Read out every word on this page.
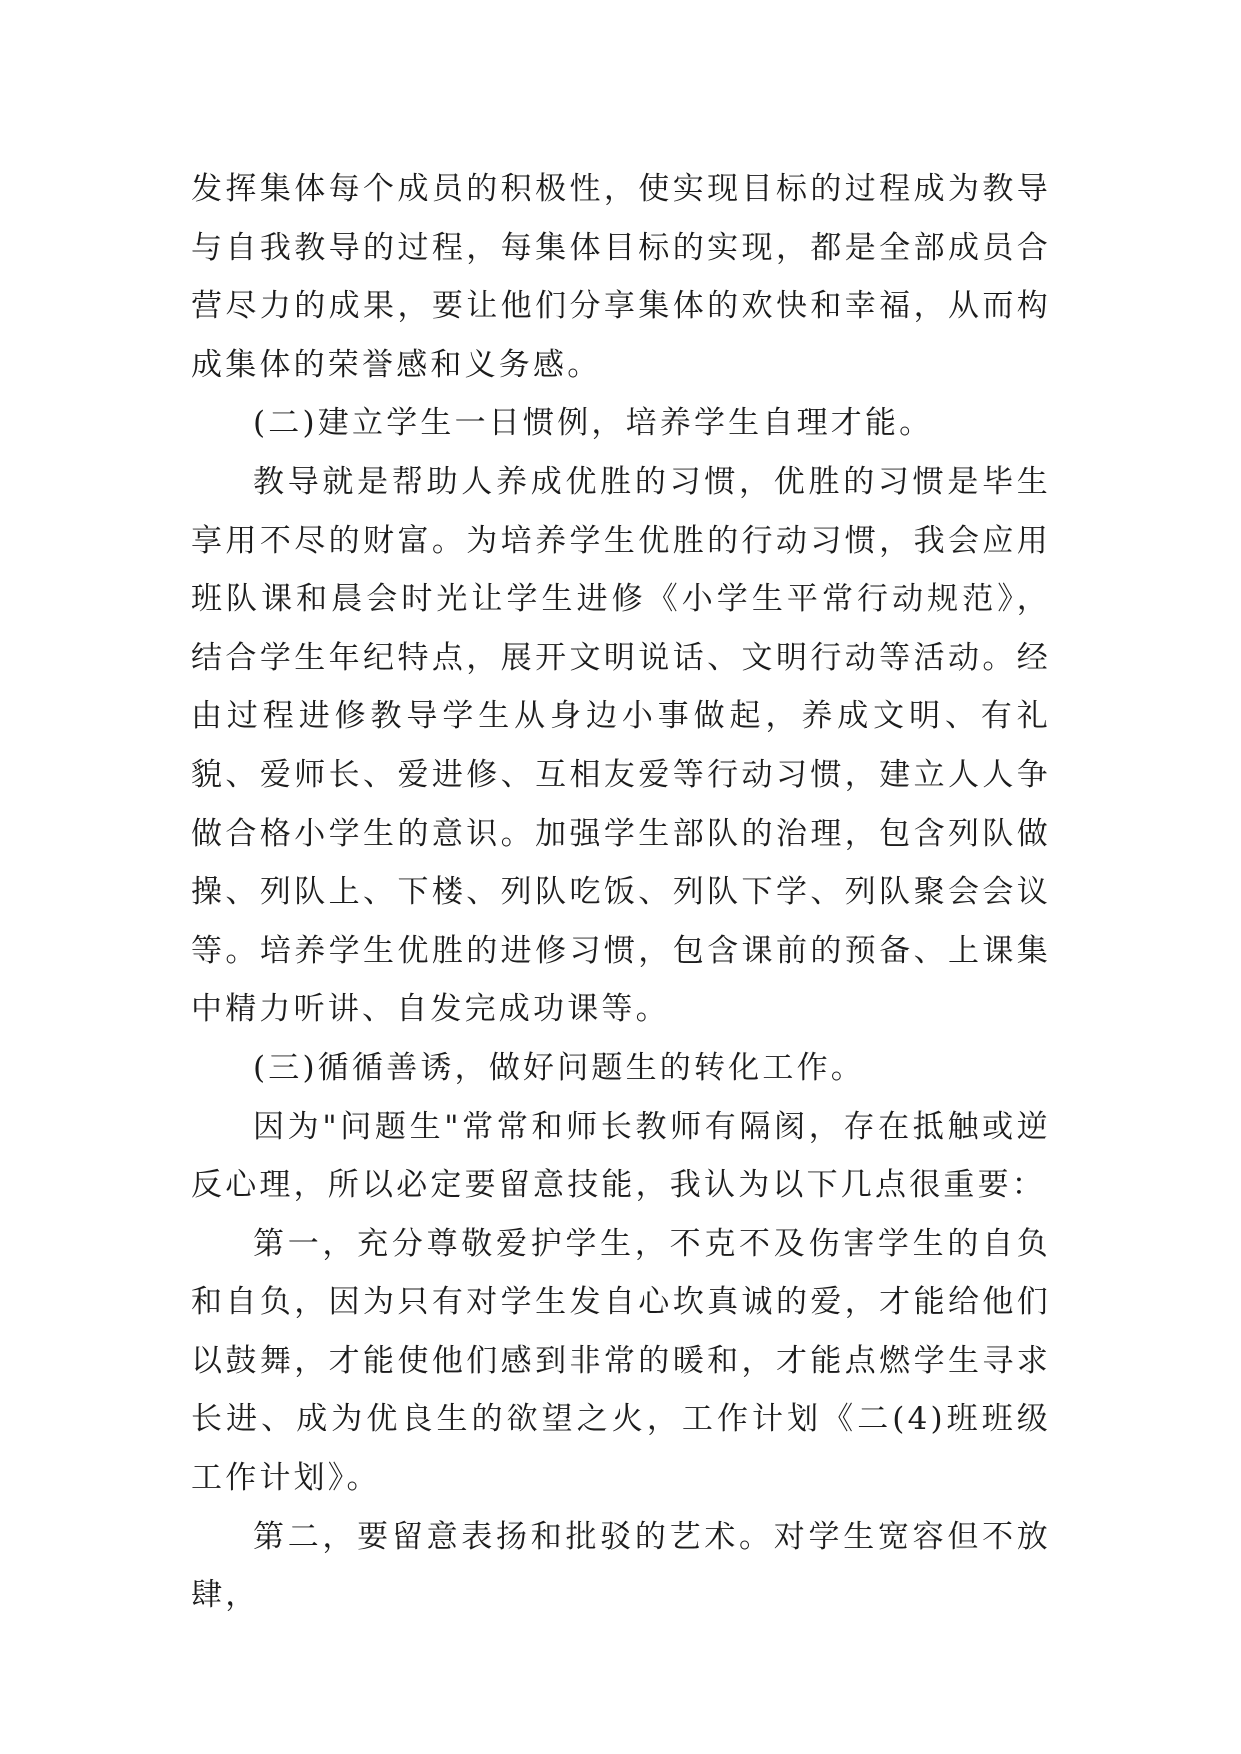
发挥集体每个成员的积极性，使实现目标的过程成为教导与自我教导的过程，每集体目标的实现，都是全部成员合营尽力的成果，要让他们分享集体的欢快和幸福，从而构成集体的荣誉感和义务感。

(二)建立学生一日惯例，培养学生自理才能。

教导就是帮助人养成优胜的习惯，优胜的习惯是毕生享用不尽的财富。为培养学生优胜的行动习惯，我会应用班队课和晨会时光让学生进修《小学生平常行动规范》，结合学生年纪特点，展开文明说话、文明行动等活动。经由过程进修教导学生从身边小事做起，养成文明、有礼貌、爱师长、爱进修、互相友爱等行动习惯，建立人人争做合格小学生的意识。加强学生部队的治理，包含列队做操、列队上、下楼、列队吃饭、列队下学、列队聚会会议等。培养学生优胜的进修习惯，包含课前的预备、上课集中精力听讲、自发完成功课等。

(三)循循善诱，做好问题生的转化工作。

因为"问题生"常常和师长教师有隔阂，存在抵触或逆反心理，所以必定要留意技能，我认为以下几点很重要：

第一，充分尊敬爱护学生，不克不及伤害学生的自负和自负，因为只有对学生发自心坎真诚的爱，才能给他们以鼓舞，才能使他们感到非常的暖和，才能点燃学生寻求长进、成为优良生的欲望之火，工作计划《二(4)班班级工作计划》。

第二，要留意表扬和批驳的艺术。对学生宽容但不放肆，
